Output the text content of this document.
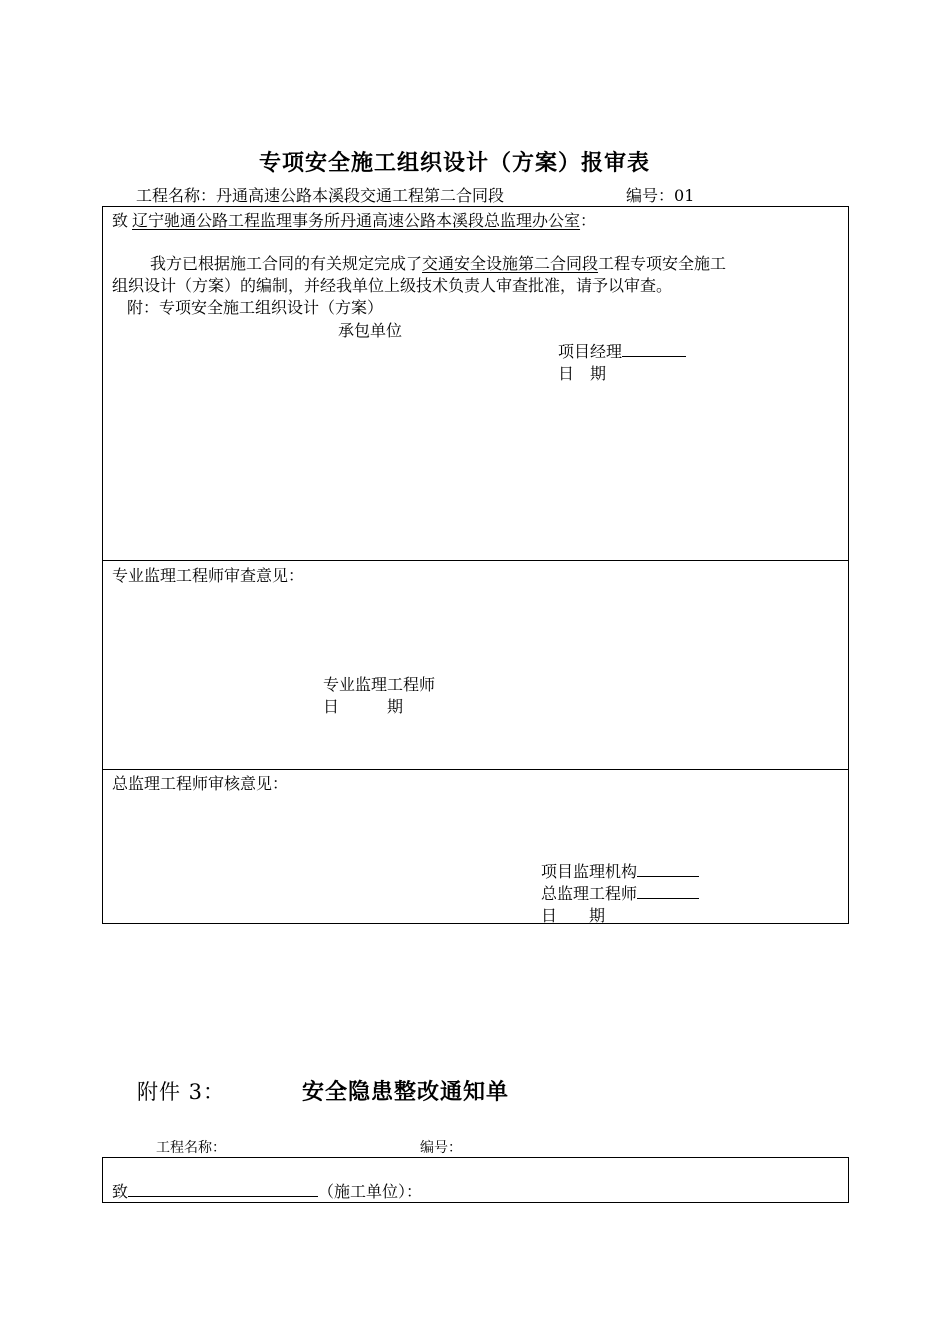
专项安全施工组织设计（方案）报审表
工程名称：丹通高速公路本溪段交通工程第二合同段	编号：01
致 辽宁驰通公路工程监理事务所丹通高速公路本溪段总监理办公室：
我方已根据施工合同的有关规定完成了交通安全设施第二合同段工程专项安全施工
组织设计（方案）的编制，并经我单位上级技术负责人审查批准，请予以审查。
附：专项安全施工组织设计（方案）
承包单位
项目经理
日　期
专业监理工程师审查意见：
专业监理工程师
日　　　期
总监理工程师审核意见：
项目监理机构
总监理工程师
日　　期
附件 3：	安全隐患整改通知单
工程名称：	编号：
致	（施工单位）：
